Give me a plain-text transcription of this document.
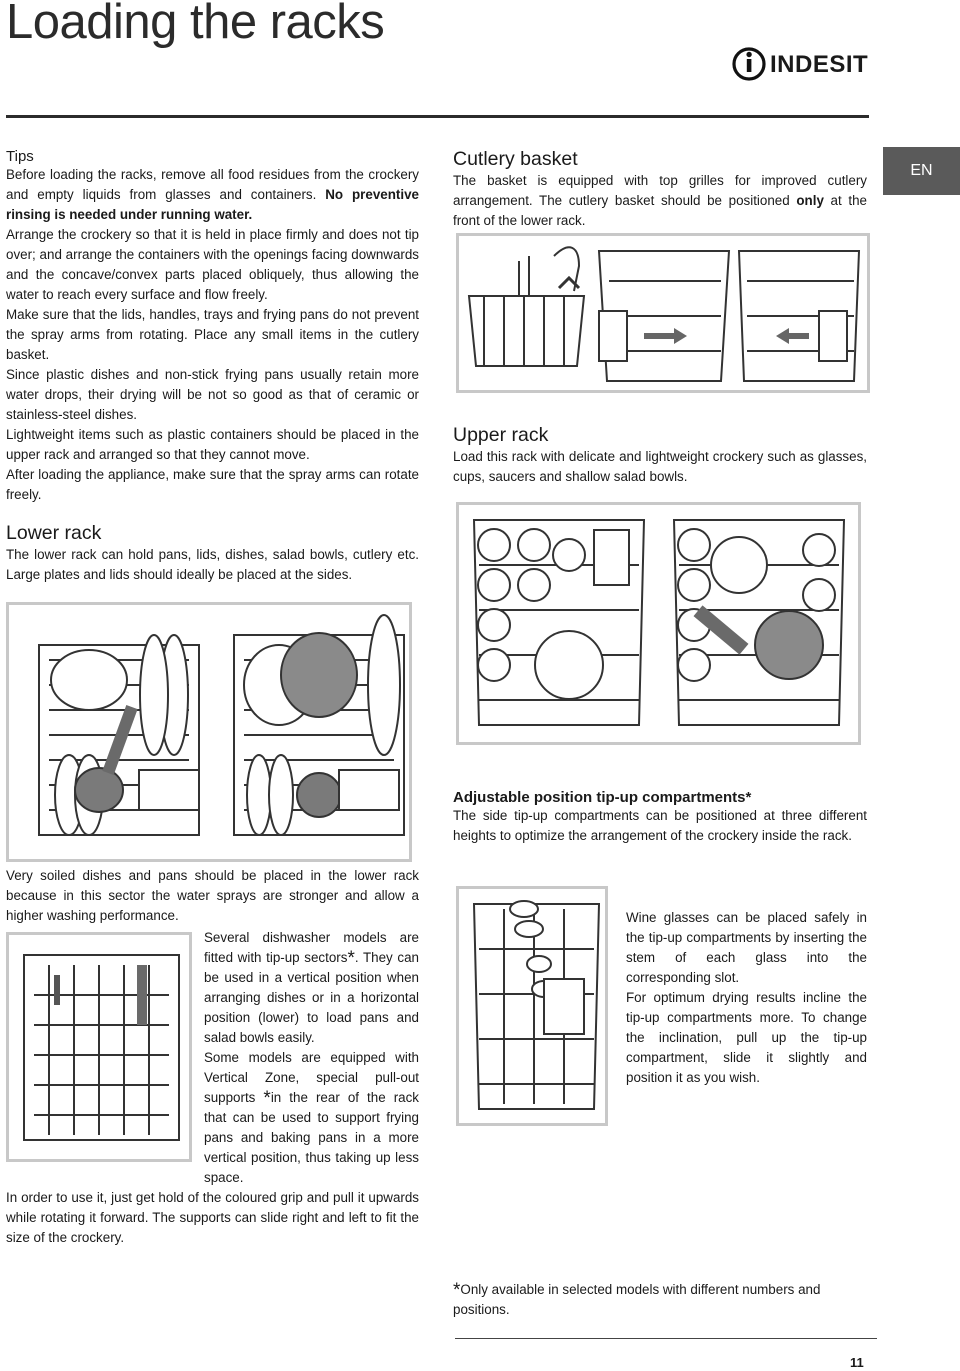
Loading the racks
INDESIT
EN
Tips
Before loading the racks, remove all food residues from the crockery and empty liquids from glasses and containers. No preventive rinsing is needed under running water.
Arrange the crockery so that it is held in place firmly and does not tip over; and arrange the containers with the openings facing downwards and the concave/convex parts placed obliquely, thus allowing the water to reach every surface and flow freely.
Make sure that the lids, handles, trays and frying pans do not prevent the spray arms from rotating. Place any small items in the cutlery basket.
Since plastic dishes and non-stick frying pans usually retain more water drops, their drying will be not so good as that of ceramic or stainless-steel dishes.
Lightweight items such as plastic containers should be placed in the upper rack and arranged so that they cannot move.
After loading the appliance, make sure that the spray arms can rotate freely.
Lower rack
The lower rack can hold pans, lids, dishes, salad bowls, cutlery etc. Large plates and lids should ideally be placed at the sides.
Very soiled dishes and pans should be placed in the lower rack because in this sector the water sprays are stronger and allow a higher washing performance.
Several dishwasher models are fitted with tip-up sectors*. They can be used in a vertical position when arranging dishes or in a horizontal position (lower) to load pans and salad bowls easily.
Some models are equipped with Vertical Zone, special pull-out supports *in the rear of the rack that can be used to support frying pans and baking pans in a more vertical position, thus taking up less space.
In order to use it, just get hold of the coloured grip and pull it upwards while rotating it forward. The supports can slide right and left to fit the size of the crockery.
Cutlery basket
The basket is equipped with top grilles for improved cutlery arrangement. The cutlery basket should be positioned only at the front of the lower rack.
Upper rack
Load this rack with delicate and lightweight crockery such as glasses, cups, saucers and shallow salad bowls.
Adjustable position tip-up compartments*
The side tip-up compartments can be positioned at three different heights to optimize the arrangement of the crockery inside the rack.
Wine glasses can be placed safely in the tip-up compartments by inserting the stem of each glass into the corresponding slot.
For optimum drying results incline the tip-up compartments more. To change the inclination, pull up the tip-up compartment, slide it slightly and position it as you wish.
*Only available in selected models with different numbers and positions.
11
